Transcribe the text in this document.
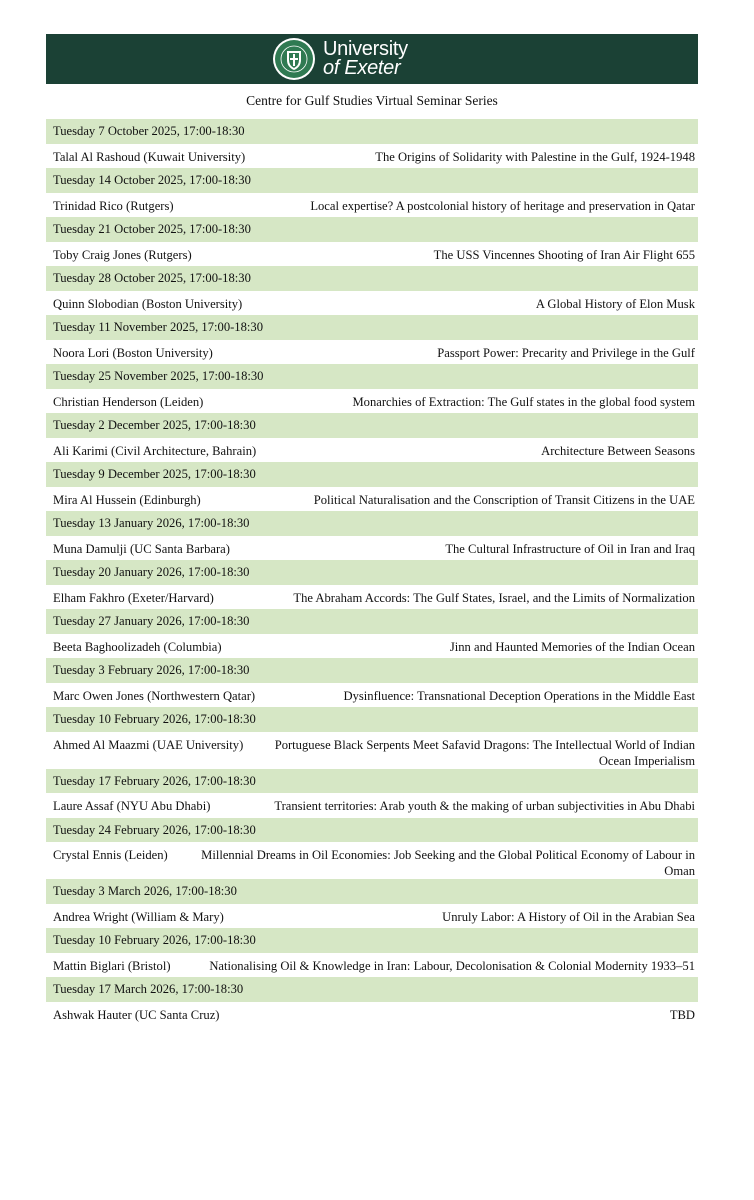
University
of Exeter
Centre for Gulf Studies Virtual Seminar Series
Tuesday 7 October 2025, 17:00-18:30
Talal Al Rashoud (Kuwait University)	The Origins of Solidarity with Palestine in the Gulf, 1924-1948
Tuesday 14 October 2025, 17:00-18:30
Trinidad Rico (Rutgers)	Local expertise? A postcolonial history of heritage and preservation in Qatar
Tuesday 21 October 2025, 17:00-18:30
Toby Craig Jones (Rutgers)	The USS Vincennes Shooting of Iran Air Flight 655
Tuesday 28 October 2025, 17:00-18:30
Quinn Slobodian (Boston University)	A Global History of Elon Musk
Tuesday 11 November 2025, 17:00-18:30
Noora Lori (Boston University)	Passport Power: Precarity and Privilege in the Gulf
Tuesday 25 November 2025, 17:00-18:30
Christian Henderson (Leiden)	Monarchies of Extraction: The Gulf states in the global food system
Tuesday 2 December 2025, 17:00-18:30
Ali Karimi (Civil Architecture, Bahrain)	Architecture Between Seasons
Tuesday 9 December 2025, 17:00-18:30
Mira Al Hussein (Edinburgh)	Political Naturalisation and the Conscription of Transit Citizens in the UAE
Tuesday 13 January 2026, 17:00-18:30
Muna Damulji (UC Santa Barbara)	The Cultural Infrastructure of Oil in Iran and Iraq
Tuesday 20 January 2026, 17:00-18:30
Elham Fakhro (Exeter/Harvard)	The Abraham Accords: The Gulf States, Israel, and the Limits of Normalization
Tuesday 27 January 2026, 17:00-18:30
Beeta Baghoolizadeh (Columbia)	Jinn and Haunted Memories of the Indian Ocean
Tuesday 3 February 2026, 17:00-18:30
Marc Owen Jones (Northwestern Qatar)	Dysinfluence: Transnational Deception Operations in the Middle East
Tuesday 10 February 2026, 17:00-18:30
Ahmed Al Maazmi (UAE University)	Portuguese Black Serpents Meet Safavid Dragons: The Intellectual World of Indian Ocean Imperialism
Tuesday 17 February 2026, 17:00-18:30
Laure Assaf (NYU Abu Dhabi)	Transient territories: Arab youth & the making of urban subjectivities in Abu Dhabi
Tuesday 24 February 2026, 17:00-18:30
Crystal Ennis (Leiden)	Millennial Dreams in Oil Economies: Job Seeking and the Global Political Economy of Labour in Oman
Tuesday 3 March 2026, 17:00-18:30
Andrea Wright (William & Mary)	Unruly Labor: A History of Oil in the Arabian Sea
Tuesday 10 February 2026, 17:00-18:30
Mattin Biglari (Bristol)	Nationalising Oil & Knowledge in Iran: Labour, Decolonisation & Colonial Modernity 1933–51
Tuesday 17 March 2026, 17:00-18:30
Ashwak Hauter (UC Santa Cruz)	TBD
